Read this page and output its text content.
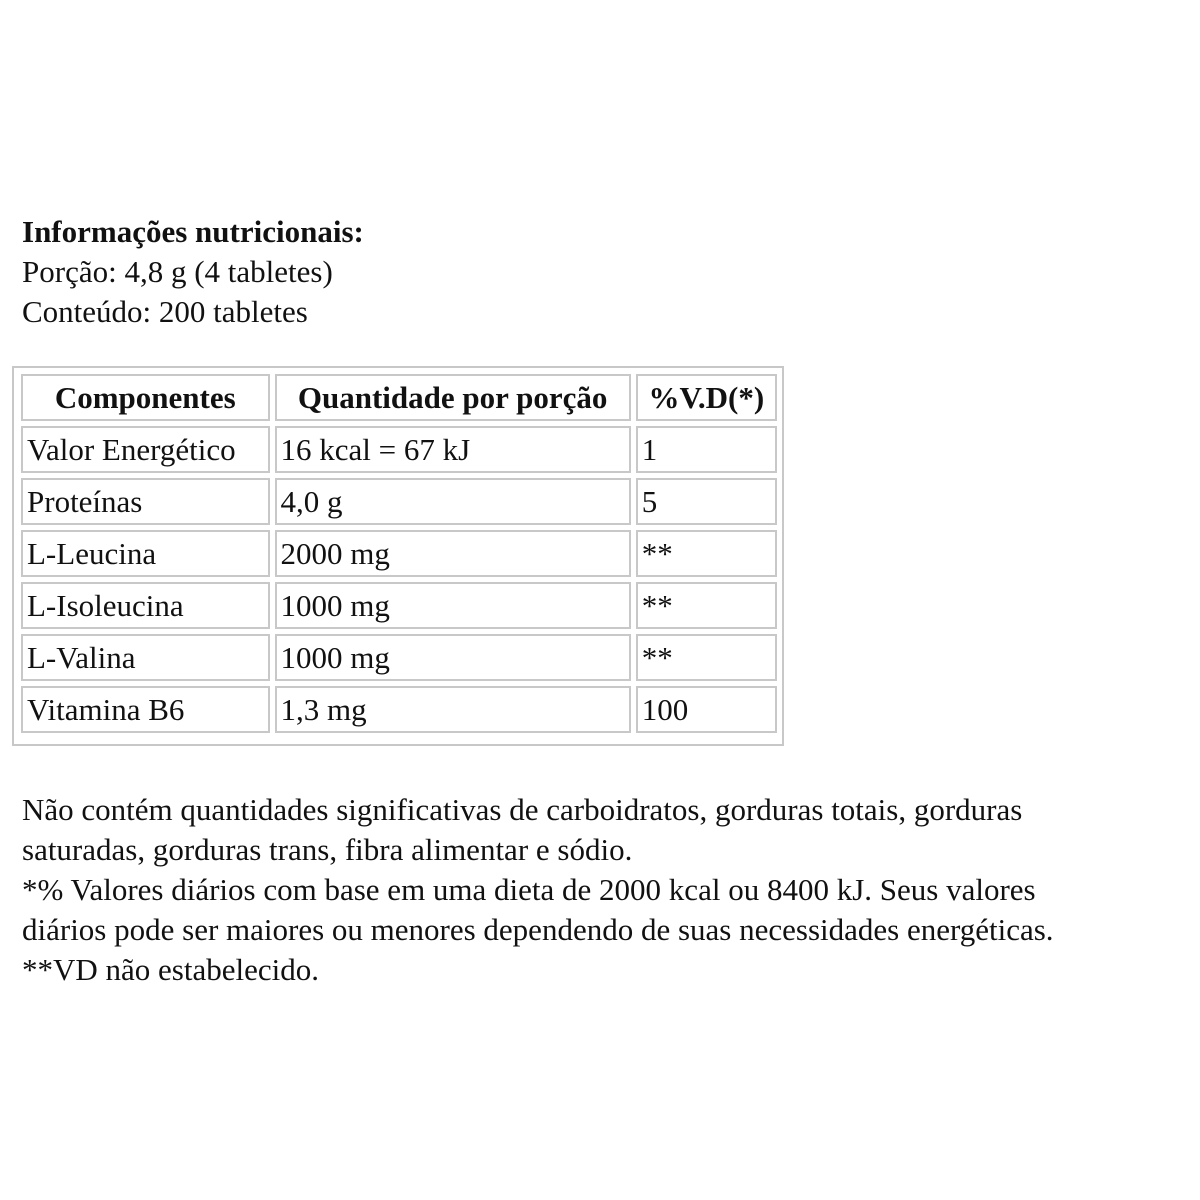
Informações nutricionais:
Porção: 4,8 g (4 tabletes)
Conteúdo: 200 tabletes
Componentes	Quantidade por porção	%V.D(*)
Valor Energético	16 kcal = 67 kJ	1
Proteínas	4,0 g	5
L-Leucina	2000 mg	**
L-Isoleucina	1000 mg	**
L-Valina	1000 mg	**
Vitamina B6	1,3 mg	100
Não contém quantidades significativas de carboidratos, gorduras totais, gorduras
saturadas, gorduras trans, fibra alimentar e sódio.
*% Valores diários com base em uma dieta de 2000 kcal ou 8400 kJ. Seus valores
diários pode ser maiores ou menores dependendo de suas necessidades energéticas.
**VD não estabelecido.
